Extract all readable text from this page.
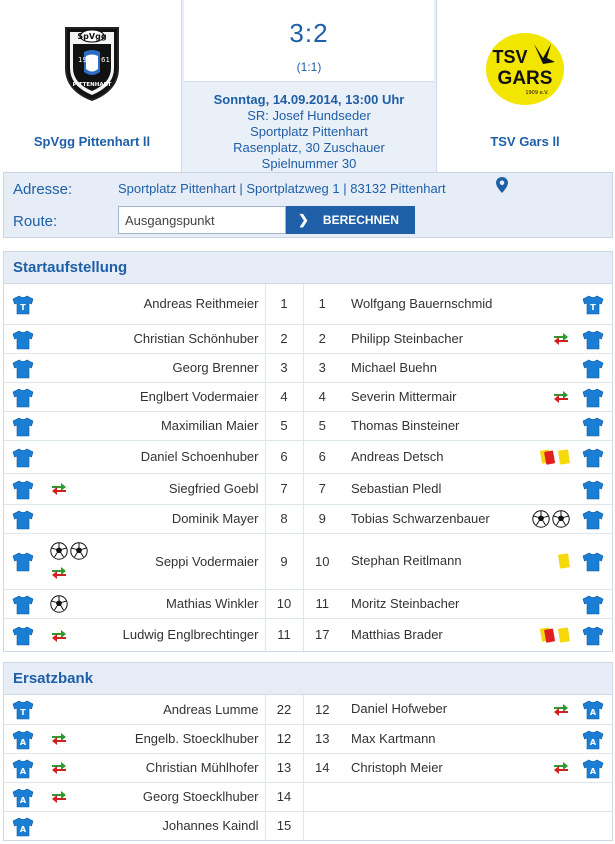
SpVgg
19 61
PITTENHART
SpVgg Pittenhart ll
3:2
(1:1)
Sonntag, 14.09.2014, 13:00 Uhr
SR: Josef Hundseder
Sportplatz Pittenhart
Rasenplatz, 30 Zuschauer
Spielnummer 30
TSV
GARS
1909 e.V.
TSV Gars ll
Adresse:	Sportplatz Pittenhart | Sportplatzweg 1 | 83132 Pittenhart
Route:
Ausgangspunkt	❯ BERECHNEN
Startaufstellung
T		Andreas Reithmeier	1	1	Wolfgang Bauernschmid		T

		Christian Schönhuber	2	2	Philipp Steinbacher	

		Georg Brenner	3	3	Michael Buehn		

		Englbert Vodermaier	4	4	Severin Mittermair	

		Maximilian Maier	5	5	Thomas Binsteiner		

		Daniel Schoenhuber	6	6	Andreas Detsch	

	Siegfried Goebl	7	7	Sebastian Pledl		

		Dominik Mayer	8	9	Tobias Schwarzenbauer	

	Seppi Vodermaier	9	10	Stephan Reitlmann	

	Mathias Winkler	10	11	Moritz Steinbacher		

	Ludwig Englbrechtinger	11	17	Matthias Brader	

Ersatzbank
T		Andreas Lumme	22	12	Daniel Hofweber		A

A		Engelb. Stoecklhuber	12	13	Max Kartmann		A

A		Christian Mühlhofer	13	14	Christoph Meier		A

A		Georg Stoecklhuber	14				

A		Johannes Kaindl	15				
